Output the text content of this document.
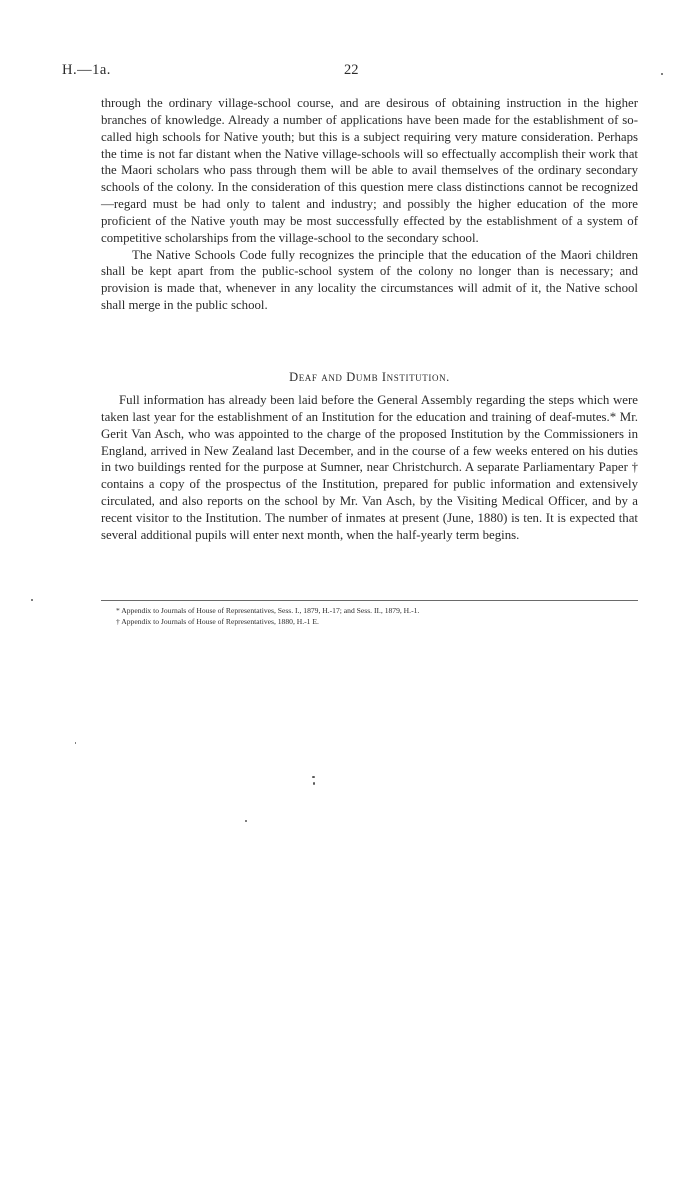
H.—1a.	22

through the ordinary village-school course, and are desirous of obtaining instruction in the higher branches of knowledge. Already a number of applications have been made for the establishment of so-called high schools for Native youth; but this is a subject requiring very mature consideration. Perhaps the time is not far distant when the Native village-schools will so effectually accomplish their work that the Maori scholars who pass through them will be able to avail themselves of the ordinary secondary schools of the colony. In the consideration of this question mere class distinctions cannot be recognized—regard must be had only to talent and industry; and possibly the higher education of the more proficient of the Native youth may be most successfully effected by the establishment of a system of competitive scholarships from the village-school to the secondary school.

The Native Schools Code fully recognizes the principle that the education of the Maori children shall be kept apart from the public-school system of the colony no longer than is necessary; and provision is made that, whenever in any locality the circumstances will admit of it, the Native school shall merge in the public school.

Deaf and Dumb Institution.

Full information has already been laid before the General Assembly regarding the steps which were taken last year for the establishment of an Institution for the education and training of deaf-mutes.* Mr. Gerit Van Asch, who was appointed to the charge of the proposed Institution by the Commissioners in England, arrived in New Zealand last December, and in the course of a few weeks entered on his duties in two buildings rented for the purpose at Sumner, near Christchurch. A separate Parliamentary Paper † contains a copy of the prospectus of the Institution, prepared for public information and extensively circulated, and also reports on the school by Mr. Van Asch, by the Visiting Medical Officer, and by a recent visitor to the Institution. The number of inmates at present (June, 1880) is ten. It is expected that several additional pupils will enter next month, when the half-yearly term begins.

* Appendix to Journals of House of Representatives, Sess. I., 1879, H.-17; and Sess. II., 1879, H.-1.
† Appendix to Journals of House of Representatives, 1880, H.-1 E.
